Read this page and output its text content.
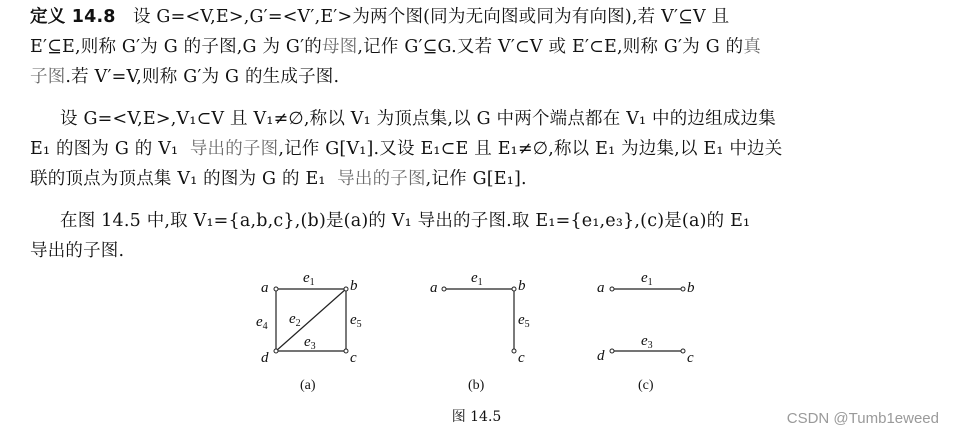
定义 14.8 设 G=<V,E>,G′=<V′,E′>为两个图(同为无向图或同为有向图),若 V′⊆V 且
E′⊆E,则称 G′为 G 的子图,G 为 G′的母图,记作 G′⊆G.又若 V′⊂V 或 E′⊂E,则称 G′为 G 的真
子图.若 V′=V,则称 G′为 G 的生成子图.
设 G=<V,E>,V₁⊂V 且 V₁≠∅,称以 V₁ 为顶点集,以 G 中两个端点都在 V₁ 中的边组成边集
E₁ 的图为 G 的 V₁ 导出的子图,记作 G[V₁].又设 E₁⊂E 且 E₁≠∅,称以 E₁ 为边集,以 E₁ 中边关
联的顶点为顶点集 V₁ 的图为 G 的 E₁ 导出的子图,记作 G[E₁].
在图 14.5 中,取 V₁={a,b,c},(b)是(a)的 V₁ 导出的子图.取 E₁={e₁,e₃},(c)是(a)的 E₁
导出的子图.
a	b
c
d
$e_1$
$e_4$ $e_2$	$e_5$
$e_3$
a	b
c
$e_1$
$e_5$
a	b
c
d
$e_1$
$e_3$
(a)	(b)	(c)
图 14.5	CSDN @Tumb1eweed
